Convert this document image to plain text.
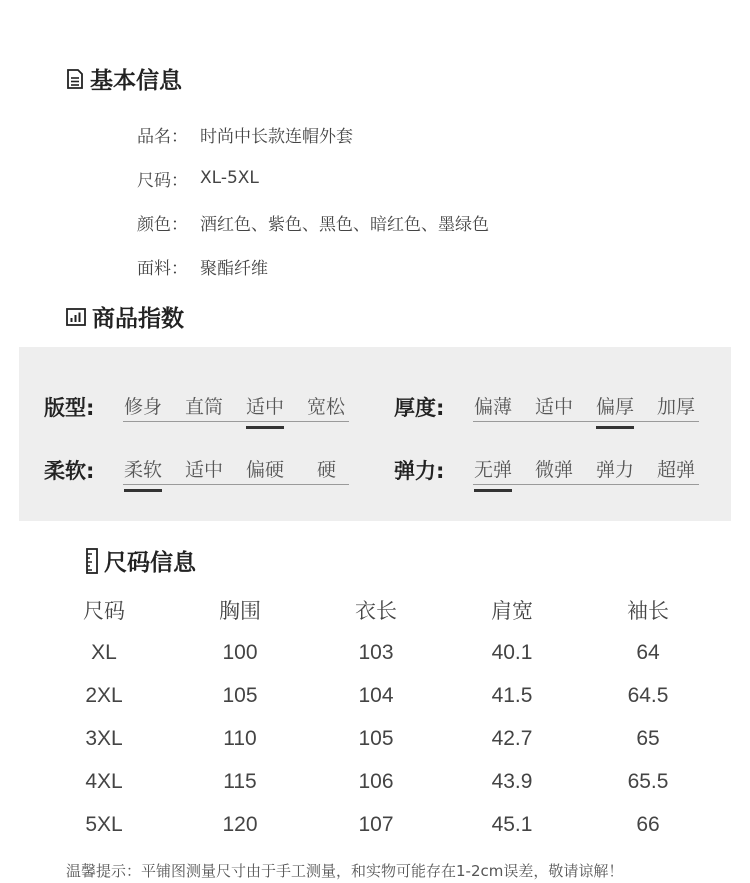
基本信息
品名： 时尚中长款连帽外套
尺码： XL-5XL
颜色： 酒红色、紫色、黑色、暗红色、墨绿色
面料： 聚酯纤维
商品指数
版型: 修身 直筒 适中 宽松 厚度: 偏薄 适中 偏厚 加厚
柔软: 柔软 适中 偏硬 硬	弹力: 无弹 微弹 弹力 超弹
尺码信息
尺码	胸围	衣长	肩宽	袖长
XL	100	103	40.1	64
2XL	105	104	41.5	64.5
3XL	110	105	42.7	65
4XL	115	106	43.9	65.5
5XL	120	107	45.1	66
温馨提示：平铺图测量尺寸由于手工测量，和实物可能存在1-2cm误差，敬请谅解！
